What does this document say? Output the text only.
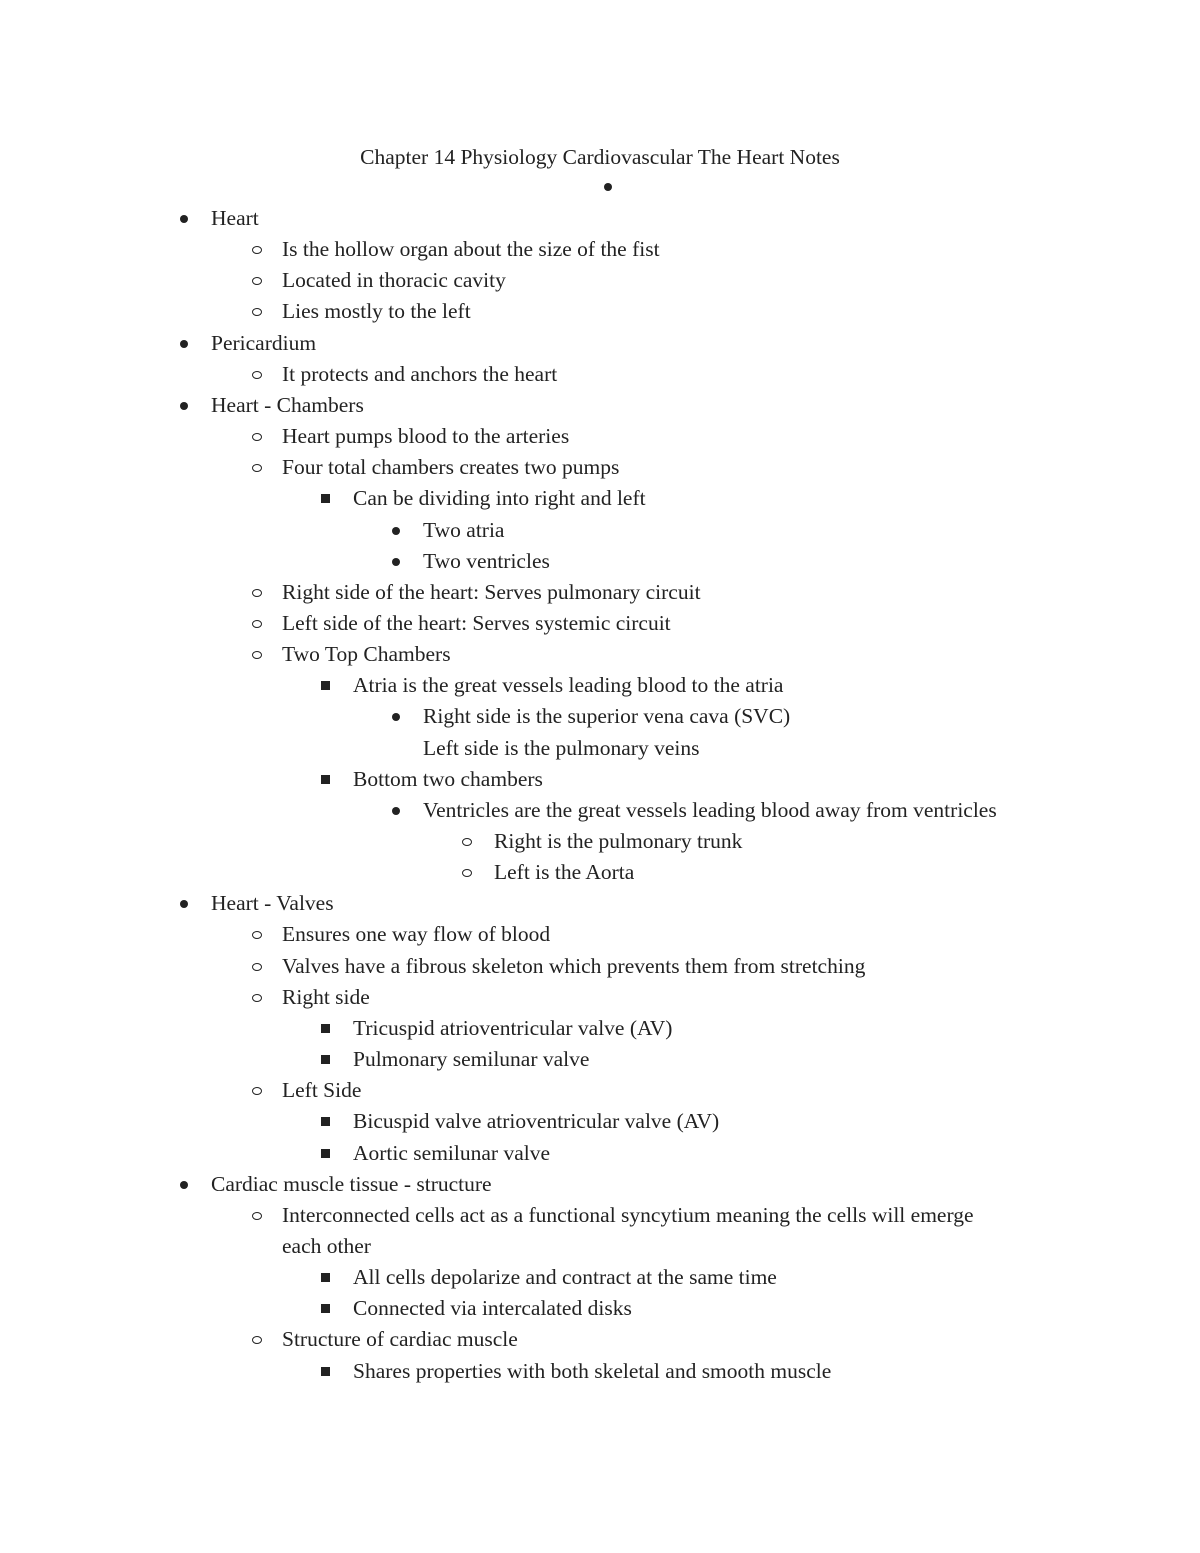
Chapter 14 Physiology Cardiovascular The Heart Notes
Heart
Is the hollow organ about the size of the fist
Located in thoracic cavity
Lies mostly to the left
Pericardium
It protects and anchors the heart
Heart - Chambers
Heart pumps blood to the arteries
Four total chambers creates two pumps
Can be dividing into right and left
Two atria
Two ventricles
Right side of the heart: Serves pulmonary circuit
Left side of the heart: Serves systemic circuit
Two Top Chambers
Atria is the great vessels leading blood to the atria
Right side is the superior vena cava (SVC)
Left side is the pulmonary veins
Bottom two chambers
Ventricles are the great vessels leading blood away from ventricles
Right is the pulmonary trunk
Left is the Aorta
Heart - Valves
Ensures one way flow of blood
Valves have a fibrous skeleton which prevents them from stretching
Right side
Tricuspid atrioventricular valve (AV)
Pulmonary semilunar valve
Left Side
Bicuspid valve atrioventricular valve (AV)
Aortic semilunar valve
Cardiac muscle tissue - structure
Interconnected cells act as a functional syncytium meaning the cells will emerge
each other
All cells depolarize and contract at the same time
Connected via intercalated disks
Structure of cardiac muscle
Shares properties with both skeletal and smooth muscle
